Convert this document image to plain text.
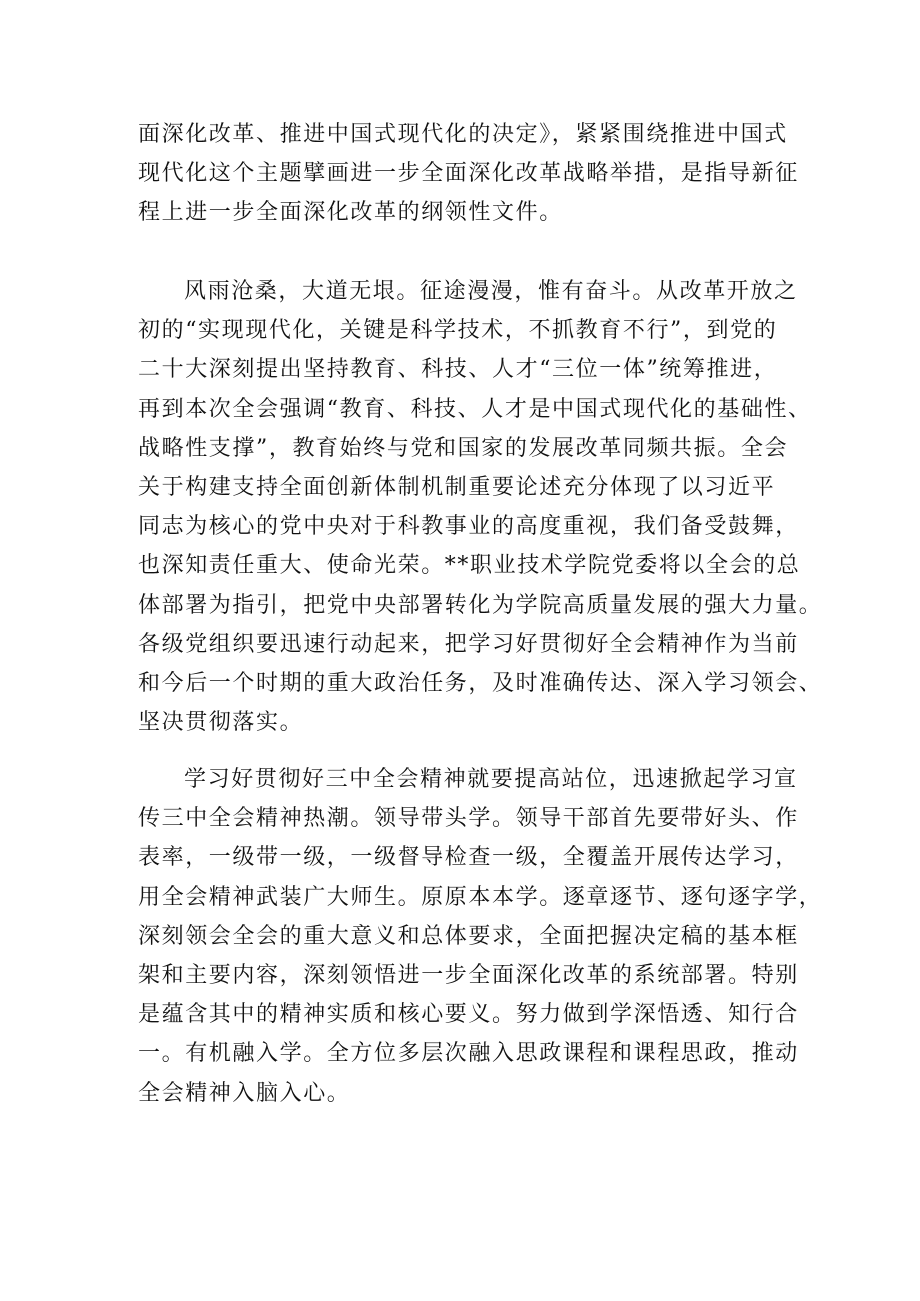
面深化改革、推进中国式现代化的决定》，紧紧围绕推进中国式
现代化这个主题擘画进一步全面深化改革战略举措，是指导新征
程上进一步全面深化改革的纲领性文件。
风雨沧桑，大道无垠。征途漫漫，惟有奋斗。从改革开放之
初的“实现现代化，关键是科学技术，不抓教育不行”，到党的
二十大深刻提出坚持教育、科技、人才“三位一体”统筹推进，
再到本次全会强调“教育、科技、人才是中国式现代化的基础性、
战略性支撑”，教育始终与党和国家的发展改革同频共振。全会
关于构建支持全面创新体制机制重要论述充分体现了以习近平
同志为核心的党中央对于科教事业的高度重视，我们备受鼓舞，
也深知责任重大、使命光荣。**职业技术学院党委将以全会的总
体部署为指引，把党中央部署转化为学院高质量发展的强大力量。
各级党组织要迅速行动起来，把学习好贯彻好全会精神作为当前
和今后一个时期的重大政治任务，及时准确传达、深入学习领会、
坚决贯彻落实。
学习好贯彻好三中全会精神就要提高站位，迅速掀起学习宣
传三中全会精神热潮。领导带头学。领导干部首先要带好头、作
表率，一级带一级，一级督导检查一级，全覆盖开展传达学习，
用全会精神武装广大师生。原原本本学。逐章逐节、逐句逐字学，
深刻领会全会的重大意义和总体要求，全面把握决定稿的基本框
架和主要内容，深刻领悟进一步全面深化改革的系统部署。特别
是蕴含其中的精神实质和核心要义。努力做到学深悟透、知行合
一。有机融入学。全方位多层次融入思政课程和课程思政，推动
全会精神入脑入心。
